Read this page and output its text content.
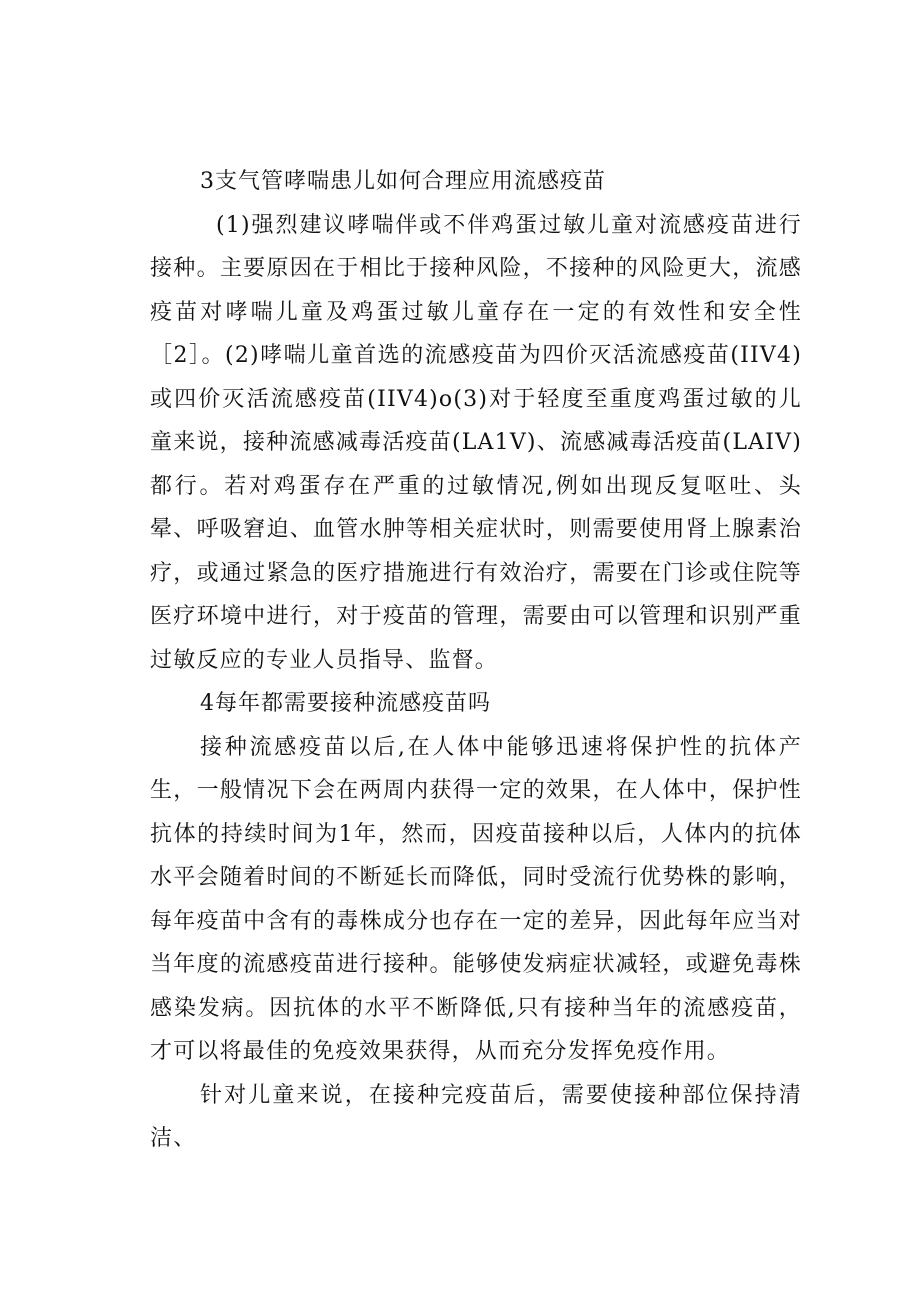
3支气管哮喘患儿如何合理应用流感疫苗

(1)强烈建议哮喘伴或不伴鸡蛋过敏儿童对流感疫苗进行接种。主要原因在于相比于接种风险，不接种的风险更大，流感疫苗对哮喘儿童及鸡蛋过敏儿童存在一定的有效性和安全性［2］。(2)哮喘儿童首选的流感疫苗为四价灭活流感疫苗(IIV4)或四价灭活流感疫苗(IIV4)o(3)对于轻度至重度鸡蛋过敏的儿童来说，接种流感减毒活疫苗(LA1V)、流感减毒活疫苗(LAIV)都行。若对鸡蛋存在严重的过敏情况,例如出现反复呕吐、头晕、呼吸窘迫、血管水肿等相关症状时，则需要使用肾上腺素治疗，或通过紧急的医疗措施进行有效治疗，需要在门诊或住院等医疗环境中进行，对于疫苗的管理，需要由可以管理和识别严重过敏反应的专业人员指导、监督。

4每年都需要接种流感疫苗吗

接种流感疫苗以后,在人体中能够迅速将保护性的抗体产生，一般情况下会在两周内获得一定的效果，在人体中，保护性抗体的持续时间为1年，然而，因疫苗接种以后，人体内的抗体水平会随着时间的不断延长而降低，同时受流行优势株的影响，每年疫苗中含有的毒株成分也存在一定的差异，因此每年应当对当年度的流感疫苗进行接种。能够使发病症状减轻，或避免毒株感染发病。因抗体的水平不断降低,只有接种当年的流感疫苗，才可以将最佳的免疫效果获得，从而充分发挥免疫作用。

针对儿童来说，在接种完疫苗后，需要使接种部位保持清洁、
